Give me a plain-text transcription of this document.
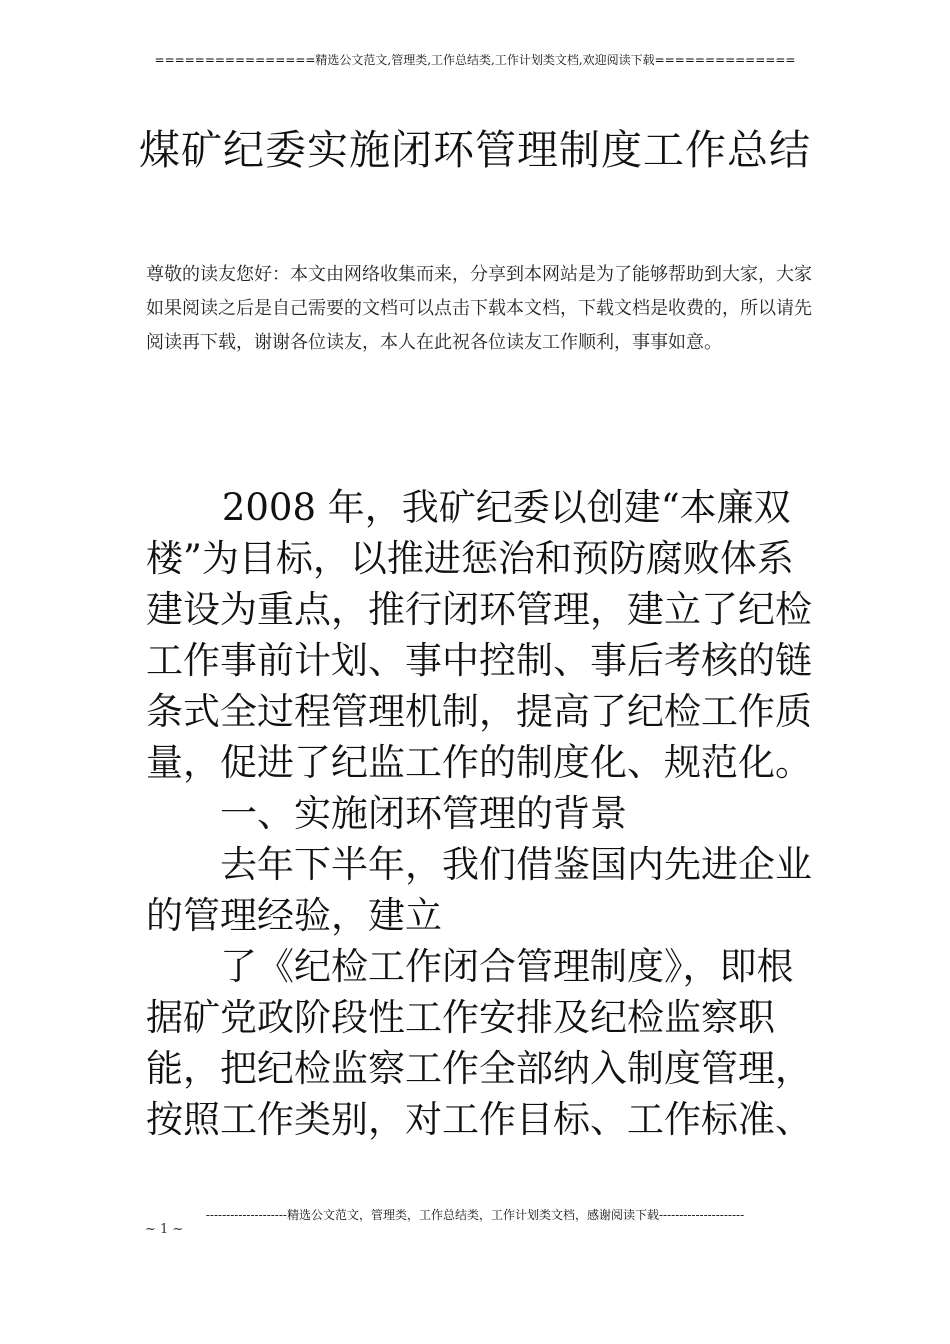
================精选公文范文,管理类,工作总结类,工作计划类文档,欢迎阅读下载==============
煤矿纪委实施闭环管理制度工作总结
尊敬的读友您好：本文由网络收集而来，分享到本网站是为了能够帮助到大家，大家如果阅读之后是自己需要的文档可以点击下载本文档，下载文档是收费的，所以请先阅读再下载，谢谢各位读友，本人在此祝各位读友工作顺利，事事如意。

2008 年，我矿纪委以创建“本廉双楼”为目标，以推进惩治和预防腐败体系建设为重点，推行闭环管理，建立了纪检工作事前计划、事中控制、事后考核的链条式全过程管理机制，提高了纪检工作质量，促进了纪监工作的制度化、规范化。

一、实施闭环管理的背景

去年下半年，我们借鉴国内先进企业的管理经验，建立

了《纪检工作闭合管理制度》，即根据矿党政阶段性工作安排及纪检监察职能，把纪检监察工作全部纳入制度管理，按照工作类别，对工作目标、工作标准、

--------------------精选公文范文，管理类，工作总结类，工作计划类文档，感谢阅读下载---------------------
~ 1 ~
